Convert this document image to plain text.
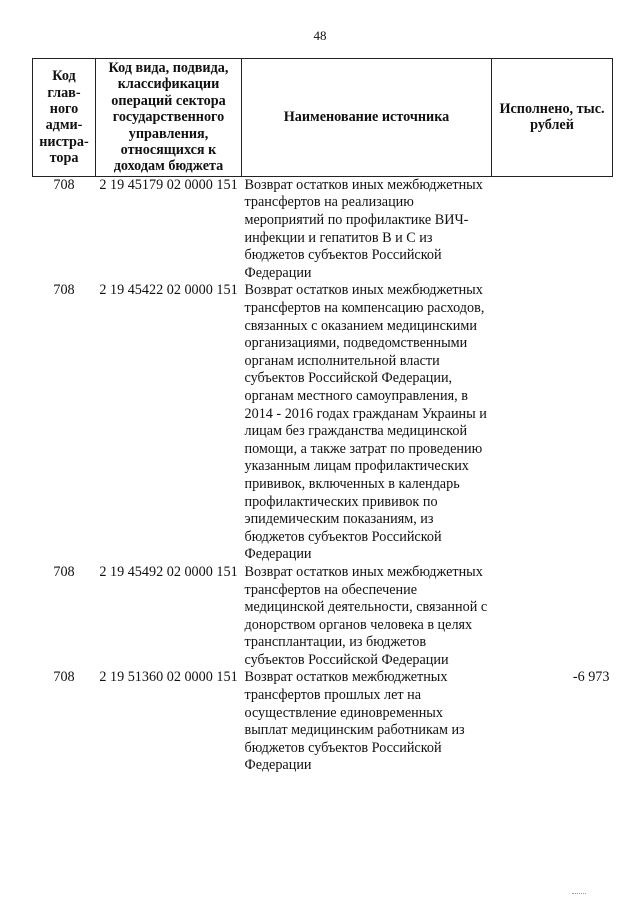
48
Код глав-ного адми-нистра-тора	Код вида, подвида, классификации операций сектора государственного управления, относящихся к доходам бюджета	Наименование источника	Исполнено, тыс. рублей
708	2 19 45179 02 0000 151	Возврат остатков иных межбюджетных трансфертов на реализацию мероприятий по профилактике ВИЧ-инфекции и гепатитов В и С из бюджетов субъектов Российской Федерации	
708	2 19 45422 02 0000 151	Возврат остатков иных межбюджетных трансфертов на компенсацию расходов, связанных с оказанием медицинскими организациями, подведомственными органам исполнительной власти субъектов Российской Федерации, органам местного самоуправления, в 2014 - 2016 годах гражданам Украины и лицам без гражданства медицинской помощи, а также затрат по проведению указанным лицам профилактических прививок, включенных в календарь профилактических прививок по эпидемическим показаниям, из бюджетов субъектов Российской Федерации	
708	2 19 45492 02 0000 151	Возврат остатков иных межбюджетных трансфертов на обеспечение медицинской деятельности, связанной с донорством органов человека в целях трансплантации, из бюджетов субъектов Российской Федерации	
708	2 19 51360 02 0000 151	Возврат остатков межбюджетных трансфертов прошлых лет на осуществление единовременных выплат медицинским работникам из бюджетов субъектов Российской Федерации	-6 973
